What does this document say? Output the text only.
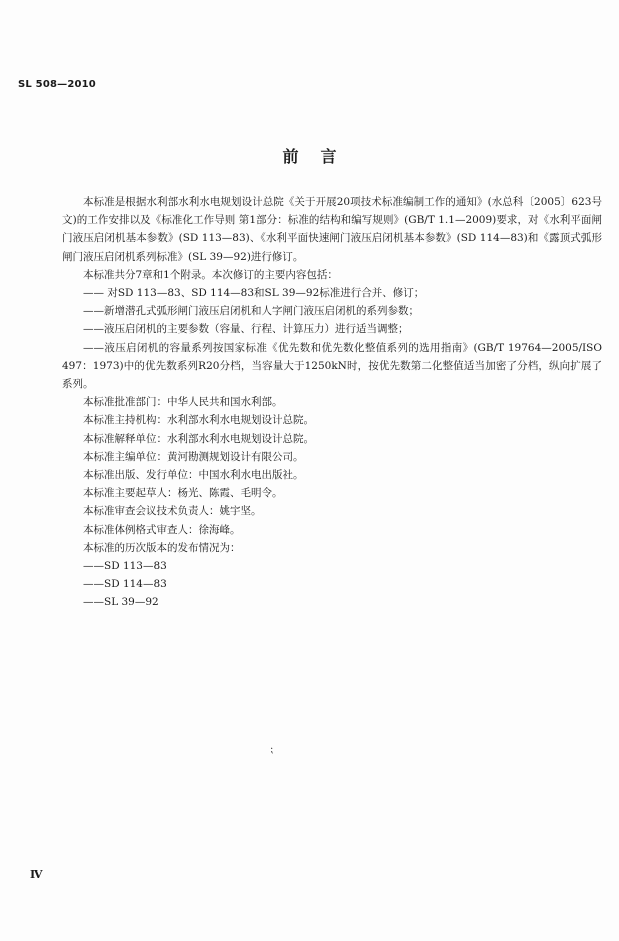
SL 508—2010
前言

本标准是根据水利部水利水电规划设计总院《关于开展20项技术标准编制工作的通知》(水总科〔2005〕623号文)的工作安排以及《标准化工作导则 第1部分：标准的结构和编写规则》(GB/T 1.1—2009)要求，对《水利平面闸门液压启闭机基本参数》(SD 113—83)、《水利平面快速闸门液压启闭机基本参数》(SD 114—83)和《露顶式弧形闸门液压启闭机系列标准》(SL 39—92)进行修订。

本标准共分7章和1个附录。本次修订的主要内容包括：

—— 对SD 113—83、SD 114—83和SL 39—92标准进行合并、修订；

——新增潜孔式弧形闸门液压启闭机和人字闸门液压启闭机的系列参数；

——液压启闭机的主要参数（容量、行程、计算压力）进行适当调整；

——液压启闭机的容量系列按国家标准《优先数和优先数化整值系列的选用指南》(GB/T 19764—2005/ISO 497：1973)中的优先数系列R20分档，当容量大于1250kN时，按优先数第二化整值适当加密了分档，纵向扩展了系列。

本标准批准部门：中华人民共和国水利部。

本标准主持机构：水利部水利水电规划设计总院。

本标准解释单位：水利部水利水电规划设计总院。

本标准主编单位：黄河勘测规划设计有限公司。

本标准出版、发行单位：中国水利水电出版社。

本标准主要起草人：杨光、陈霞、毛明令。

本标准审查会议技术负责人：姚宇坚。

本标准体例格式审查人：徐海峰。

本标准的历次版本的发布情况为：

——SD 113—83

——SD 114—83

——SL 39—92

⁏
Ⅳ
